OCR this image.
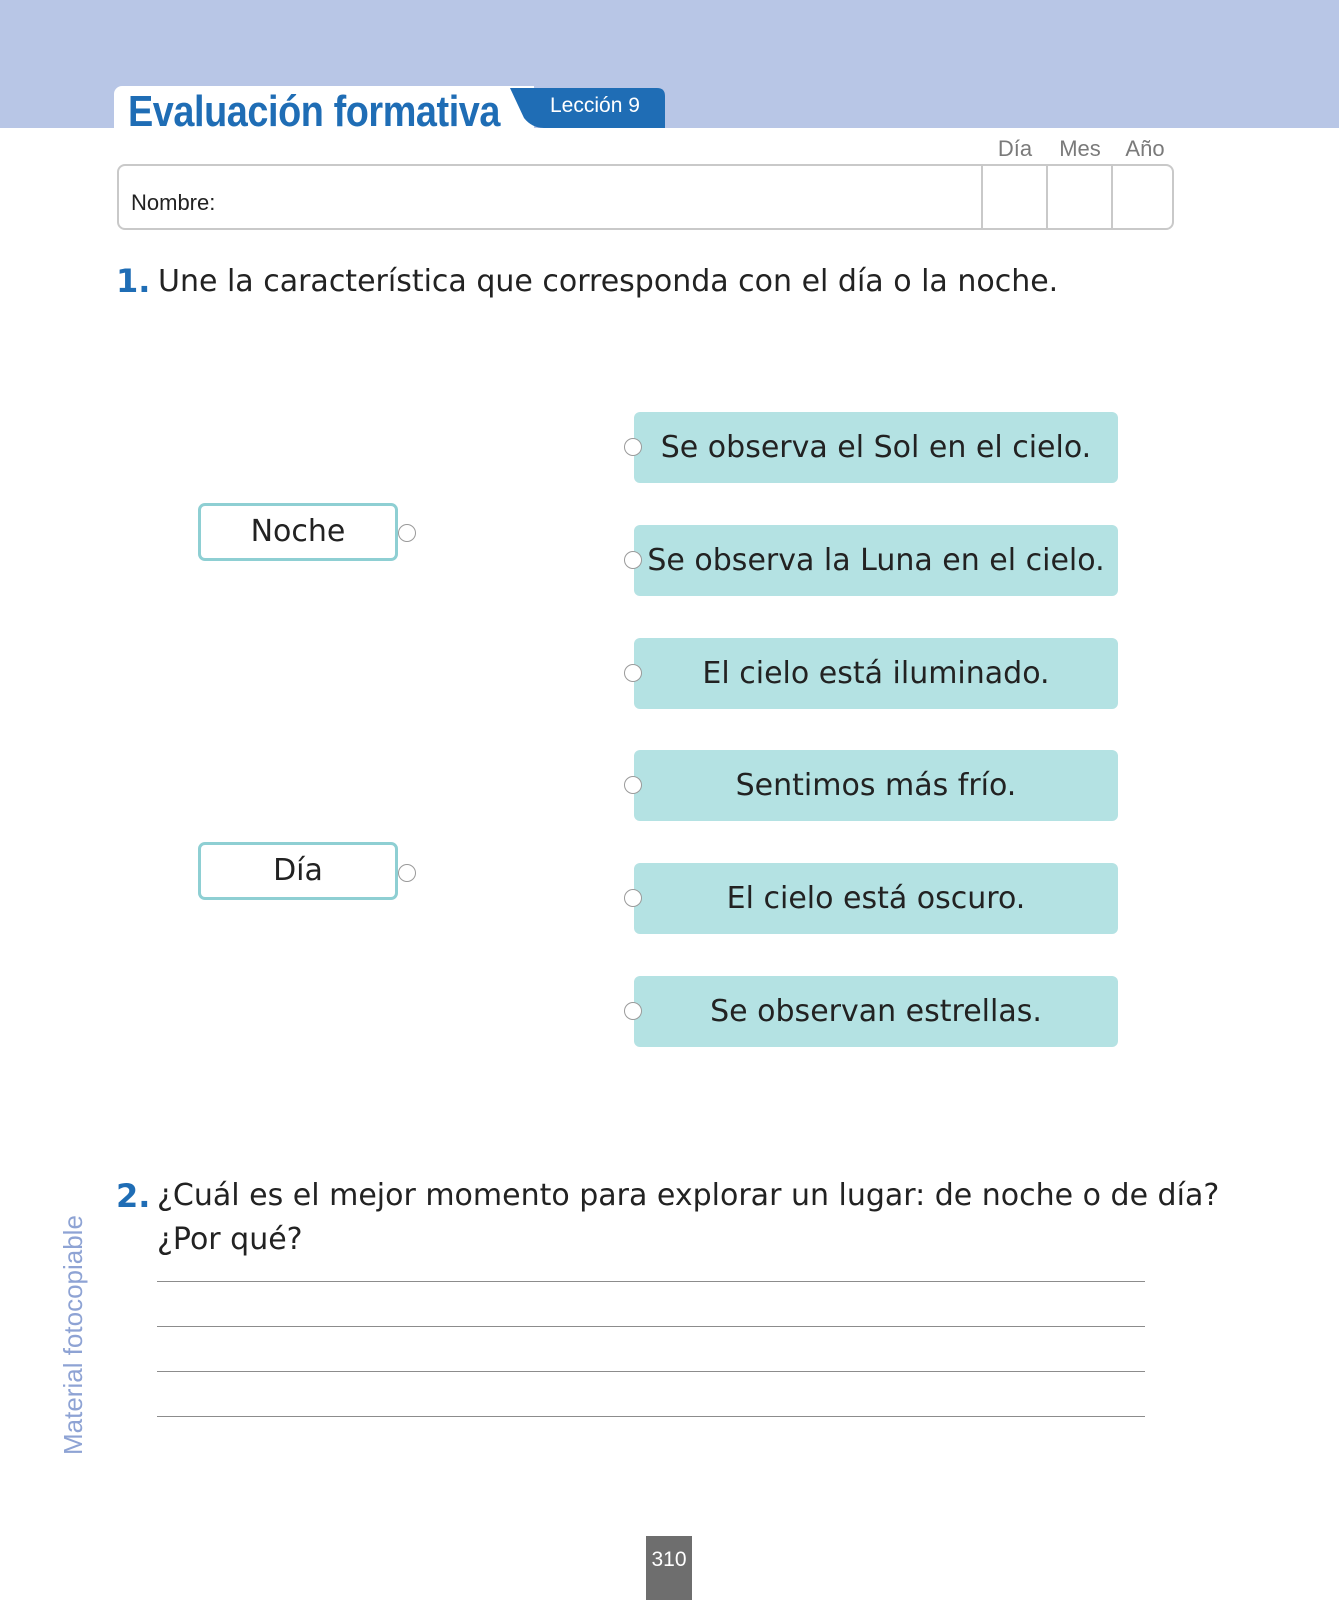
Evaluación formativa Lección 9
Día	Mes	Año
Nombre:
1. Une la característica que corresponda con el día o la noche.
Noche
Día
Se observa el Sol en el cielo.
Se observa la Luna en el cielo.
El cielo está iluminado.
Sentimos más frío.
El cielo está oscuro.
Se observan estrellas.
2. ¿Cuál es el mejor momento para explorar un lugar: de noche o de día?
¿Por qué?
Material fotocopiable
310
